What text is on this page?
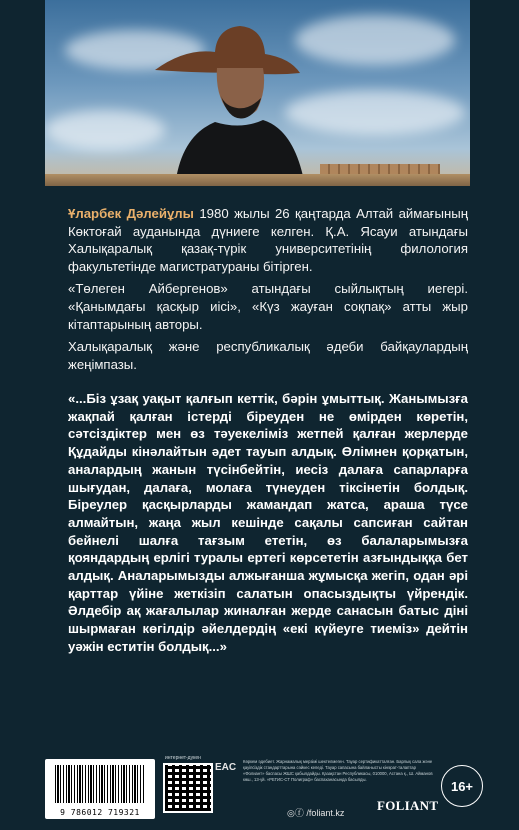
Ұларбек Дәлейұлы 1980 жылы 26 қаңтарда Алтай аймағының Көктоғай ауданында дүниеге келген. Қ.А. Ясауи атындағы Халықаралық қазақ-түрік университетінің филология факультетінде магистратураны бітірген.

«Төлеген Айбергенов» атындағы сыйлықтың иегері. «Қанымдағы қасқыр иісі», «Күз жауған соқпақ» атты жыр кітаптарының авторы.

Халықаралық және республикалық әдеби байқаулардың жеңімпазы.

«...Біз ұзақ уақыт қалғып кеттік, бәрін ұмыттық. Жанымызға жақпай қалған істерді біреуден не өмірден көретін, сәтсіздіктер мен өз тәуекеліміз жетпей қалған жерлерде Құдайды кінәлайтын әдет тауып алдық. Өлімнен қорқатын, аналардың жанын түсінбейтін, иесіз далаға сапарларға шығудан, далаға, молаға түнеуден тіксінетін болдық. Біреулер қасқырларды жамандап жатса, араша түсе алмайтын, жаңа жыл кешінде сақалы сапсиған сайтан бейнелі шалға тағзым ететін, өз балаларымызға қояндардың ерлігі туралы ертегі көрсететін азғындыққа бет алдық. Аналарымызды алжығанша жұмысқа жегіп, одан әрі қарттар үйіне жеткізіп салатын опасыздықты үйрендік. Әлдебір ақ жағалылар жиналған жерде санасын батыс діні шырмаған көгілдір әйелдердің «екі күйеуге тиеміз» дейтін уәжін еститін болдық...»
9 786012 719321
интернет-дүкен
EAC
Көркем әдебиет. Жарнамалық мерзімі шектелмеген. Тауар сертификатталған. Барлық сала және қауіпсіздік стандарттарына сәйкес келеді. Тауар сапасына байланысты кінәрат-талаптар «Фолиант» баспасы ЖШС қабылдайды. Қазақстан Республикасы, 010000, Астана қ., Ш. Айманов көш., 13-үй. «РЕГИС-СТ Полиграф» баспаханасында басылды.
◎ⓕ /foliant.kz	FOLIANT
16+
